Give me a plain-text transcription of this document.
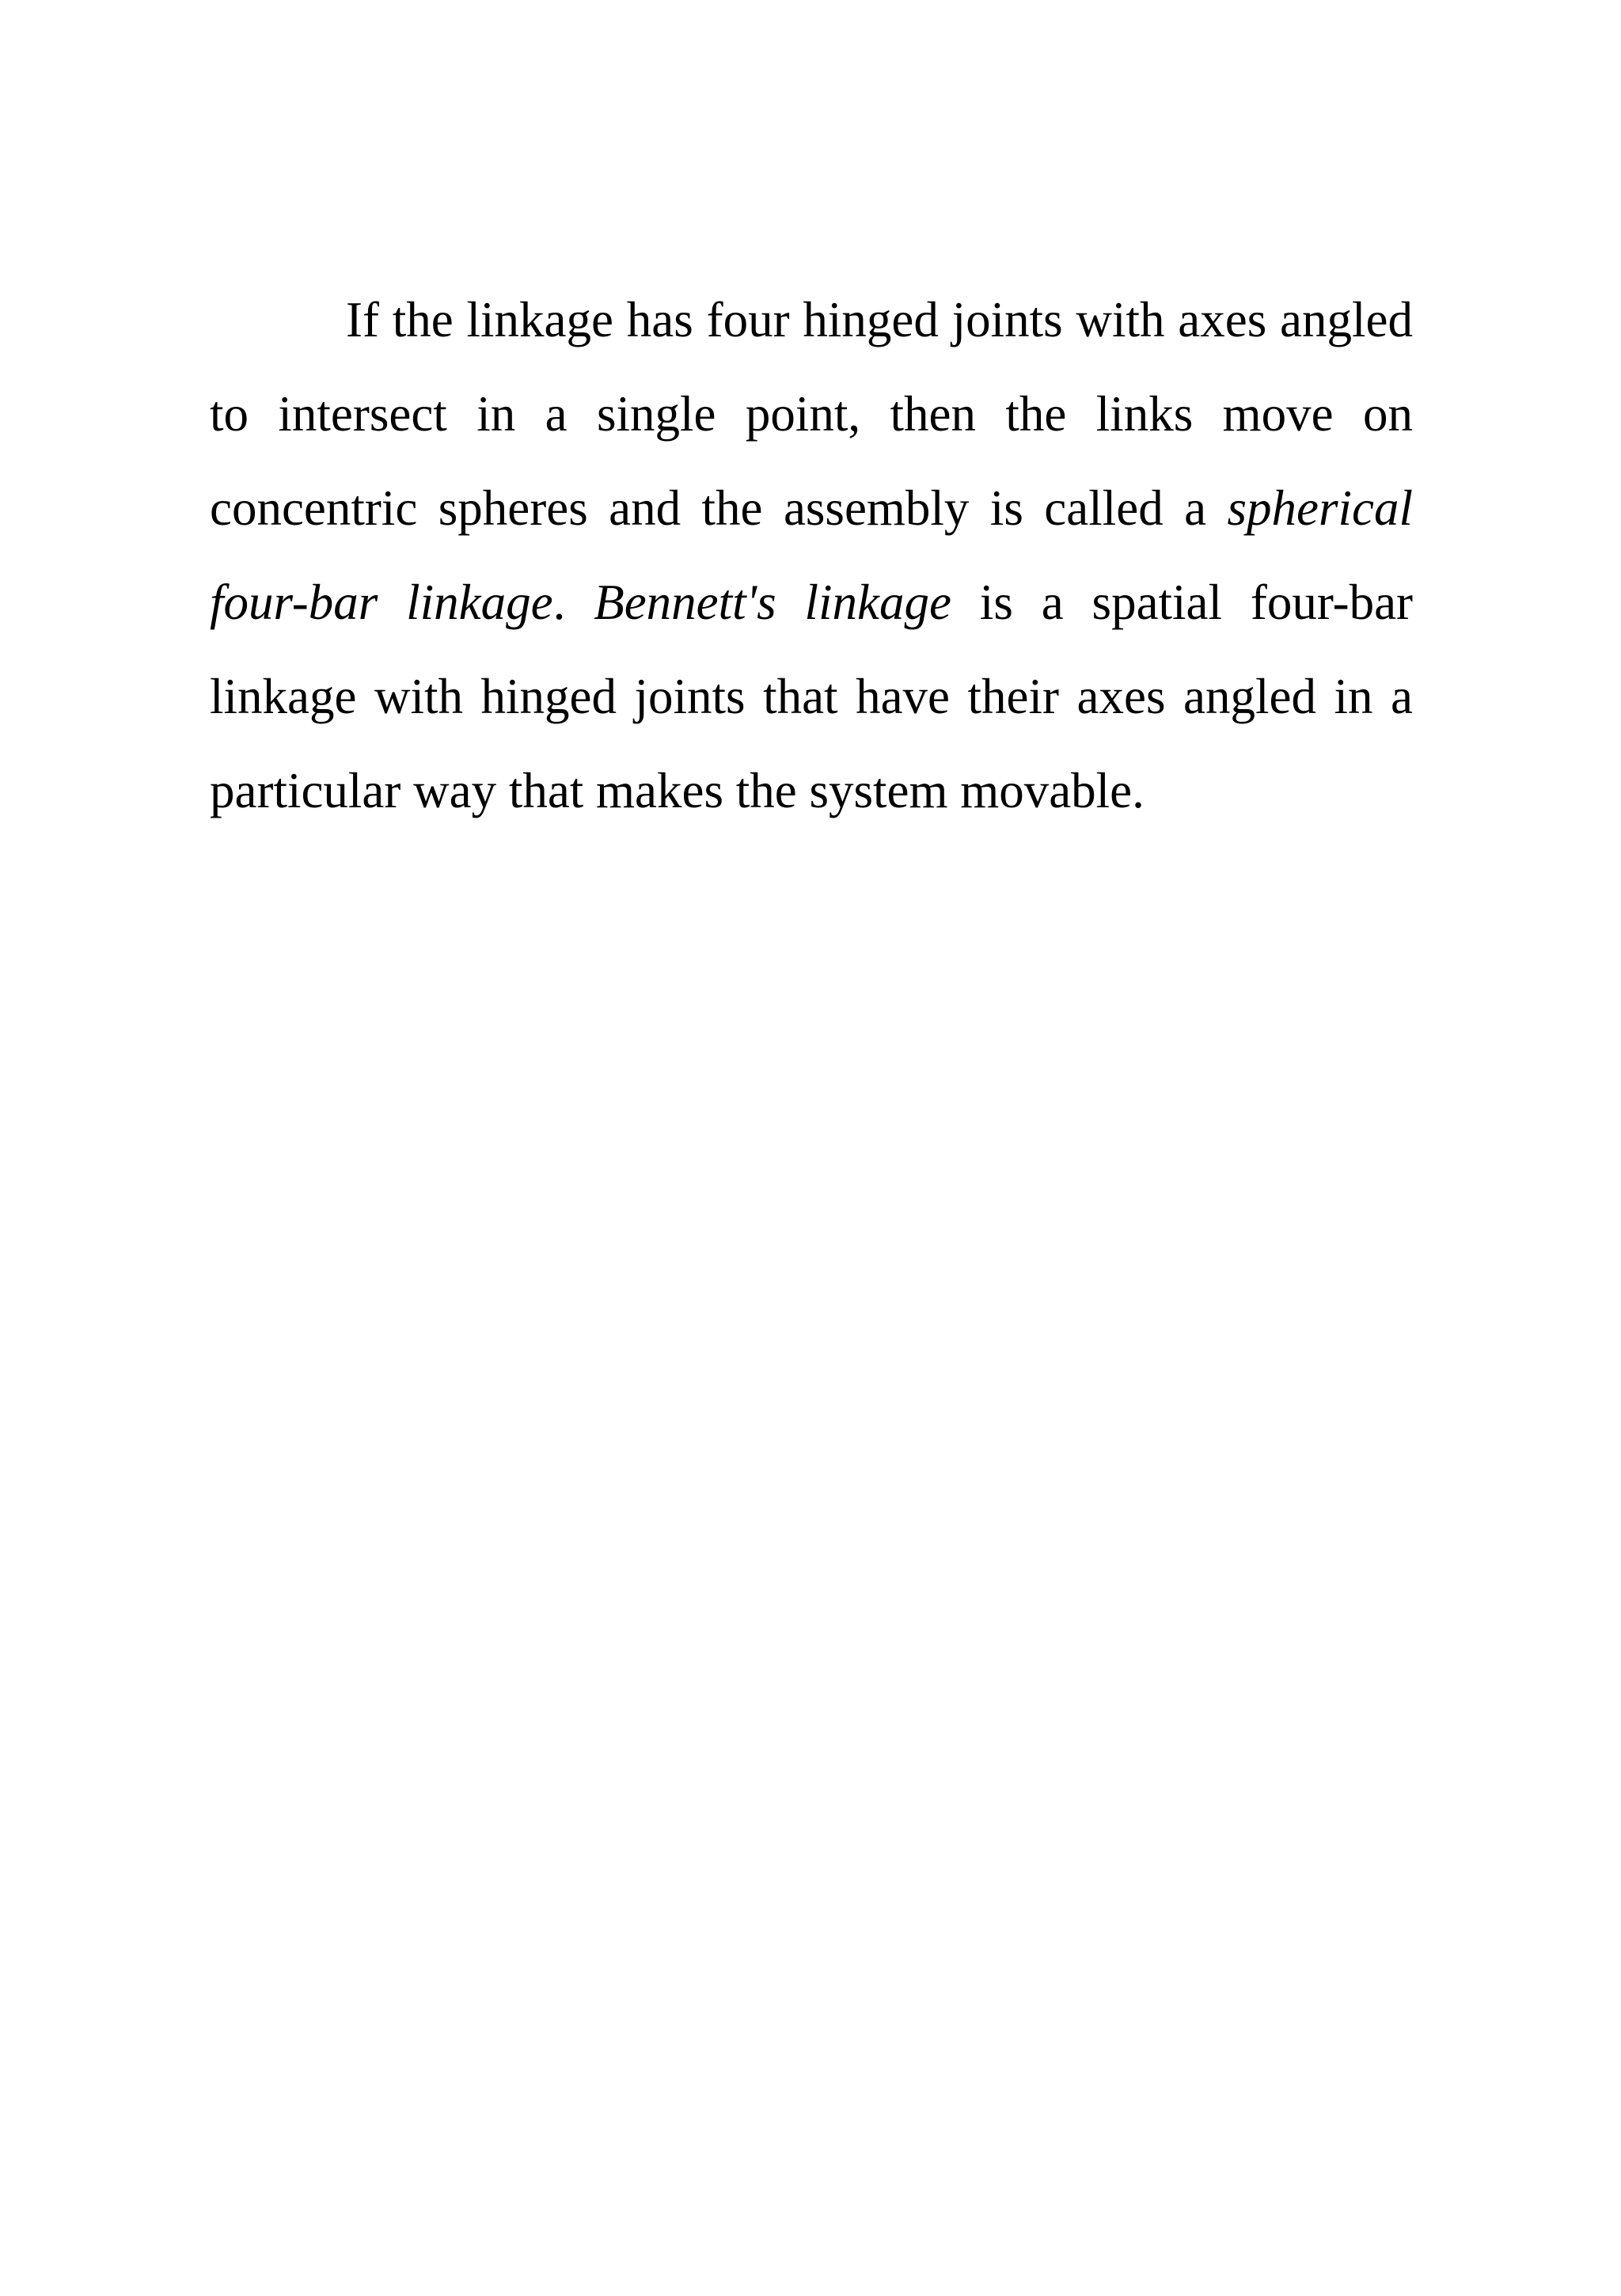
If the linkage has four hinged joints with axes angled to intersect in a single point, then the links move on concentric spheres and the assembly is called a spherical four-bar linkage. Bennett's linkage is a spatial four-bar linkage with hinged joints that have their axes angled in a particular way that makes the system movable.
